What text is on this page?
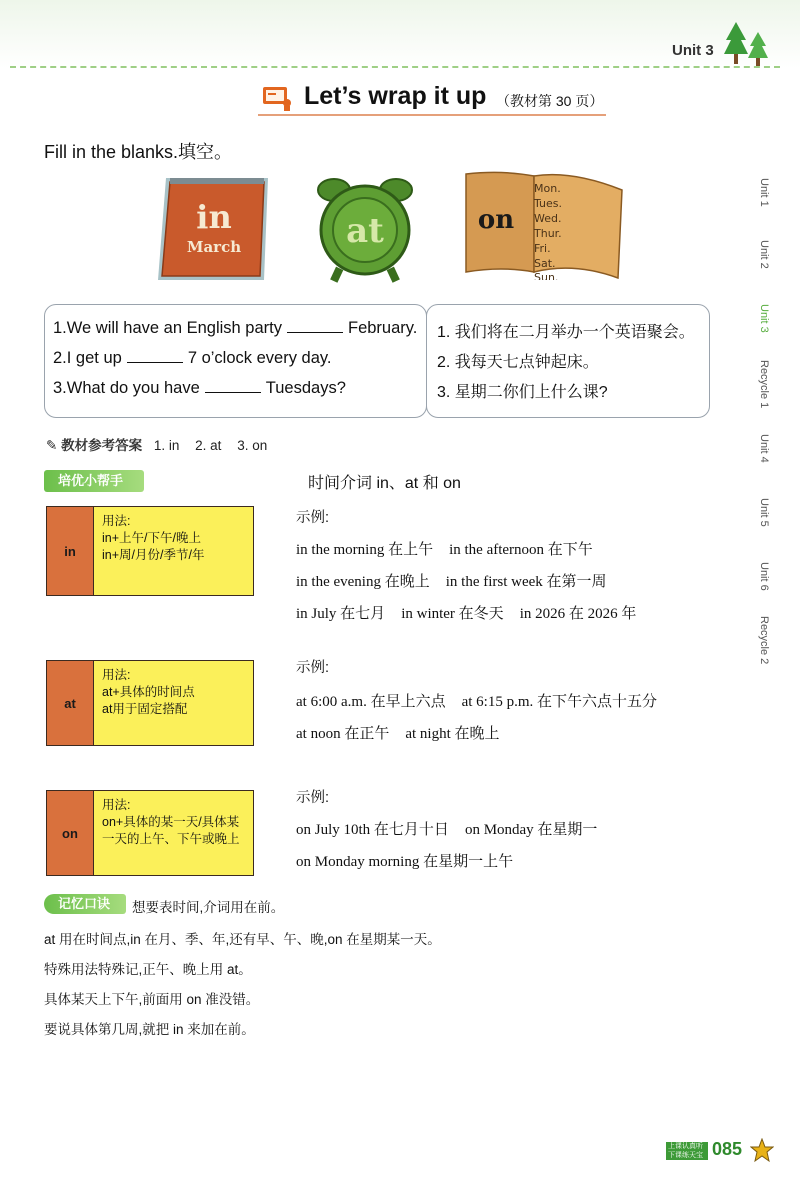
Unit 3
Let’s wrap it up （教材第 30 页）
Fill in the blanks.填空。
in
March	at	on
Mon.
Tues.
Wed.
Thur.
Fri.
Sat.
Sun.
1.We will have an English party	February.
2.I get up	7 o’clock every day.
3.What do you have	Tuesdays?
1. 我们将在二月举办一个英语聚会。
2. 我每天七点钟起床。
3. 星期二你们上什么课?
✎ 教材参考答案 1. in 2. at 3. on
培优小帮手	时间介词 in、at 和 on
in
用法:
in+上午/下午/晚上
in+周/月份/季节/年
示例:
in the morning 在上午 in the afternoon 在下午
in the evening 在晚上 in the first week 在第一周
in July 在七月 in winter 在冬天 in 2026 在 2026 年
at
用法:
at+具体的时间点
at用于固定搭配
示例:
at 6:00 a.m. 在早上六点 at 6:15 p.m. 在下午六点十五分
at noon 在正午 at night 在晚上
on
用法:
on+具体的某一天/具体某
一天的上午、下午或晚上
示例:
on July 10th 在七月十日 on Monday 在星期一
on Monday morning 在星期一上午
记忆口诀	想要表时间,介词用在前。
at 用在时间点,in 在月、季、年,还有早、午、晚,on 在星期某一天。
特殊用法特殊记,正午、晚上用 at。
具体某天上下午,前面用 on 准没错。
要说具体第几周,就把 in 来加在前。
Unit 1
Unit 2
Unit 3
Recycle 1
Unit 4
Unit 5
Unit 6
Recycle 2
上课认真听 下课练天宝 085
